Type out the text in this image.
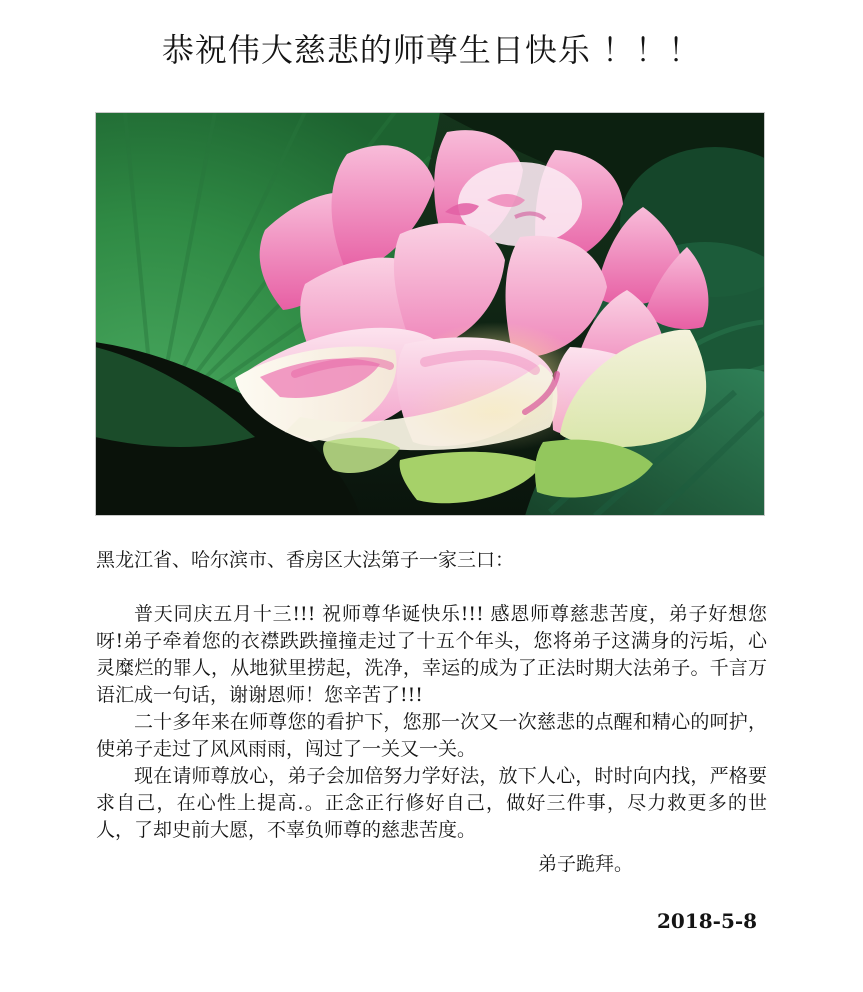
恭祝伟大慈悲的师尊生日快乐 ！！！

黑龙江省、哈尔滨市、香房区大法第子一家三口：

普天同庆五月十三!!! 祝师尊华诞快乐!!! 感恩师尊慈悲苦度，弟子好想您呀!弟子牵着您的衣襟跌跌撞撞走过了十五个年头，您将弟子这满身的污垢，心灵糜烂的罪人，从地狱里捞起，洗净，幸运的成为了正法时期大法弟子。千言万语汇成一句话，谢谢恩师！您辛苦了!!!

二十多年来在师尊您的看护下，您那一次又一次慈悲的点醒和精心的呵护，使弟子走过了风风雨雨，闯过了一关又一关。

现在请师尊放心，弟子会加倍努力学好法，放下人心，时时向内找，严格要求自己，在心性上提高.。正念正行修好自己，做好三件事，尽力救更多的世人，了却史前大愿，不辜负师尊的慈悲苦度。

弟子跪拜。

2018-5-8
